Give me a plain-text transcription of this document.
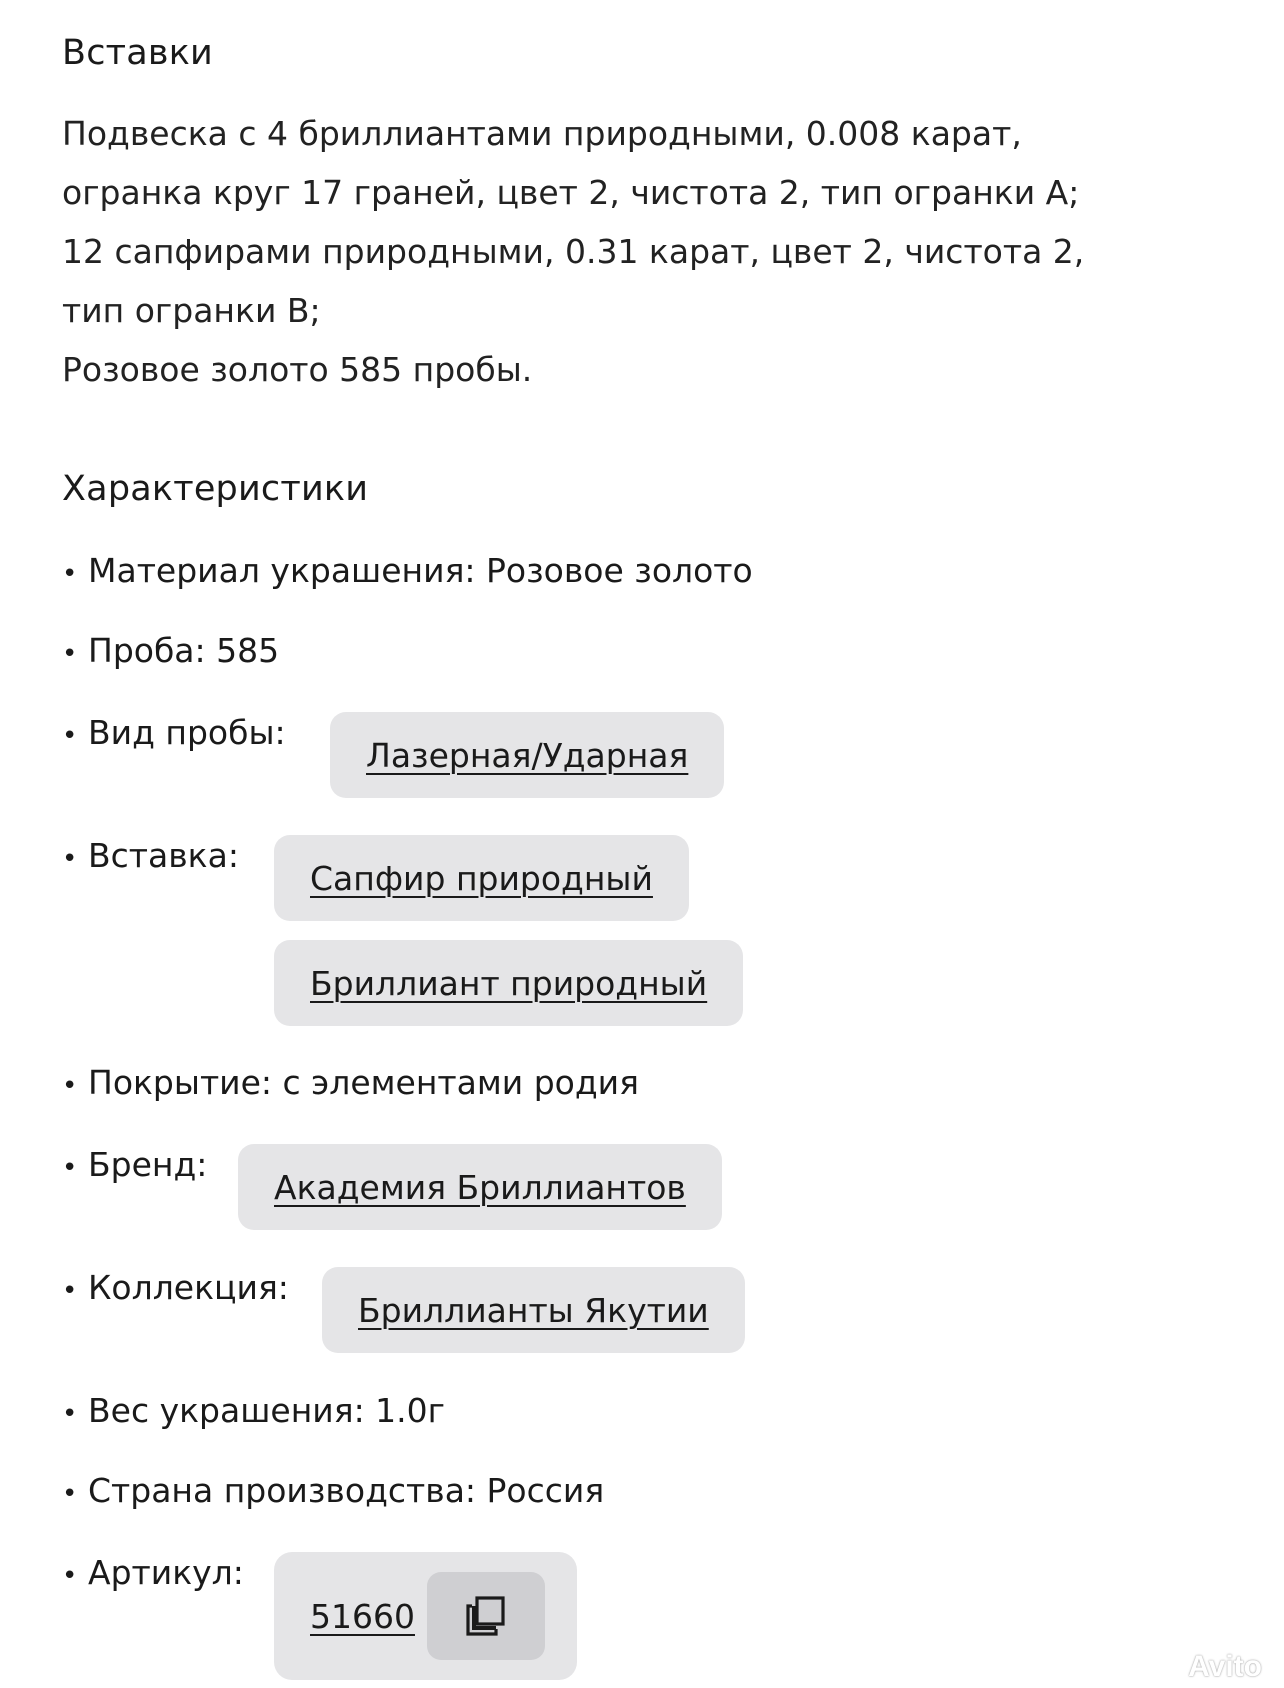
Вставки
Подвеска с 4 бриллиантами природными, 0.008 карат,
огранка круг 17 граней, цвет 2, чистота 2, тип огранки А;
12 сапфирами природными, 0.31 карат, цвет 2, чистота 2,
тип огранки В;
Розовое золото 585 пробы.
Характеристики
• Материал украшения: Розовое золото
• Проба: 585
• Вид пробы:
Лазерная/Ударная
• Вставка:
Сапфир природный
Бриллиант природный
• Покрытие: с элементами родия
• Бренд:
Академия Бриллиантов
• Коллекция:
Бриллианты Якутии
• Вес украшения: 1.0г
• Страна производства: Россия
• Артикул:
51660
Avito
